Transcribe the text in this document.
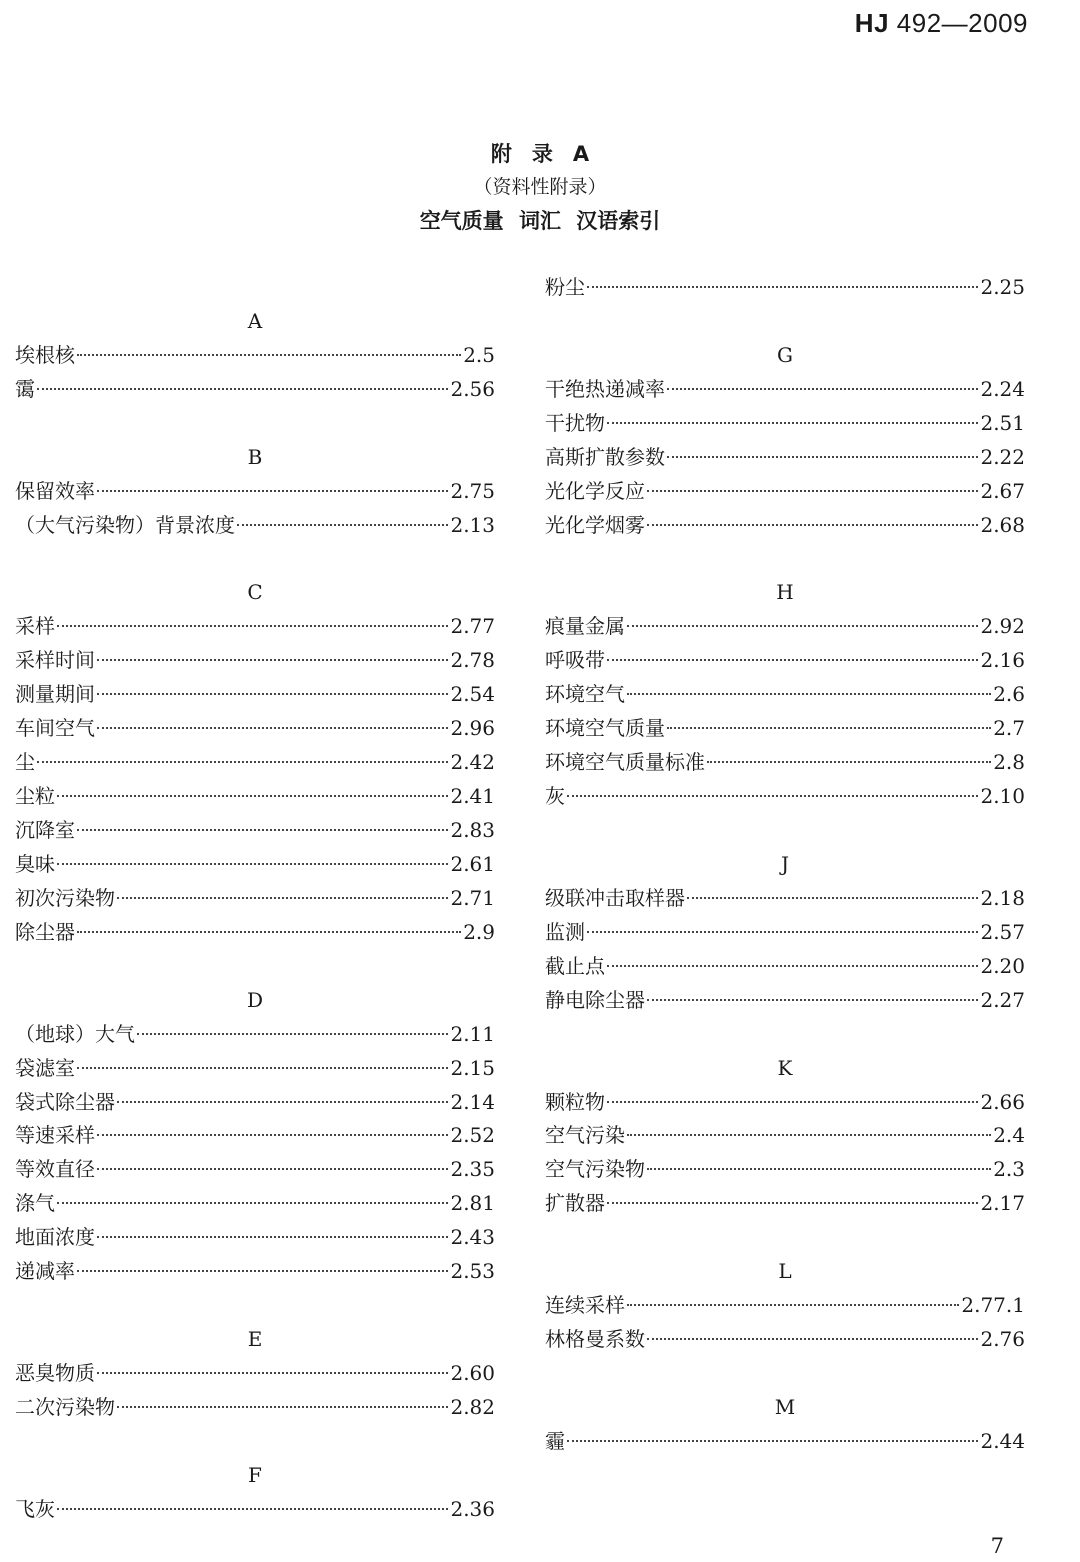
HJ 492—2009
附录A
（资料性附录）
空气质量 词汇 汉语索引
A
埃根核	2.5
霭	2.56
B
保留效率	2.75
（大气污染物）背景浓度	2.13
C
采样	2.77
采样时间	2.78
测量期间	2.54
车间空气	2.96
尘	2.42
尘粒	2.41
沉降室	2.83
臭味	2.61
初次污染物	2.71
除尘器	2.9
D
（地球）大气	2.11
袋滤室	2.15
袋式除尘器	2.14
等速采样	2.52
等效直径	2.35
涤气	2.81
地面浓度	2.43
递减率	2.53
E
恶臭物质	2.60
二次污染物	2.82
F
飞灰	2.36
粉尘	2.25
G
干绝热递减率	2.24
干扰物	2.51
高斯扩散参数	2.22
光化学反应	2.67
光化学烟雾	2.68
H
痕量金属	2.92
呼吸带	2.16
环境空气	2.6
环境空气质量	2.7
环境空气质量标准	2.8
灰	2.10
J
级联冲击取样器	2.18
监测	2.57
截止点	2.20
静电除尘器	2.27
K
颗粒物	2.66
空气污染	2.4
空气污染物	2.3
扩散器	2.17
L
连续采样	2.77.1
林格曼系数	2.76
M
霾	2.44
7
